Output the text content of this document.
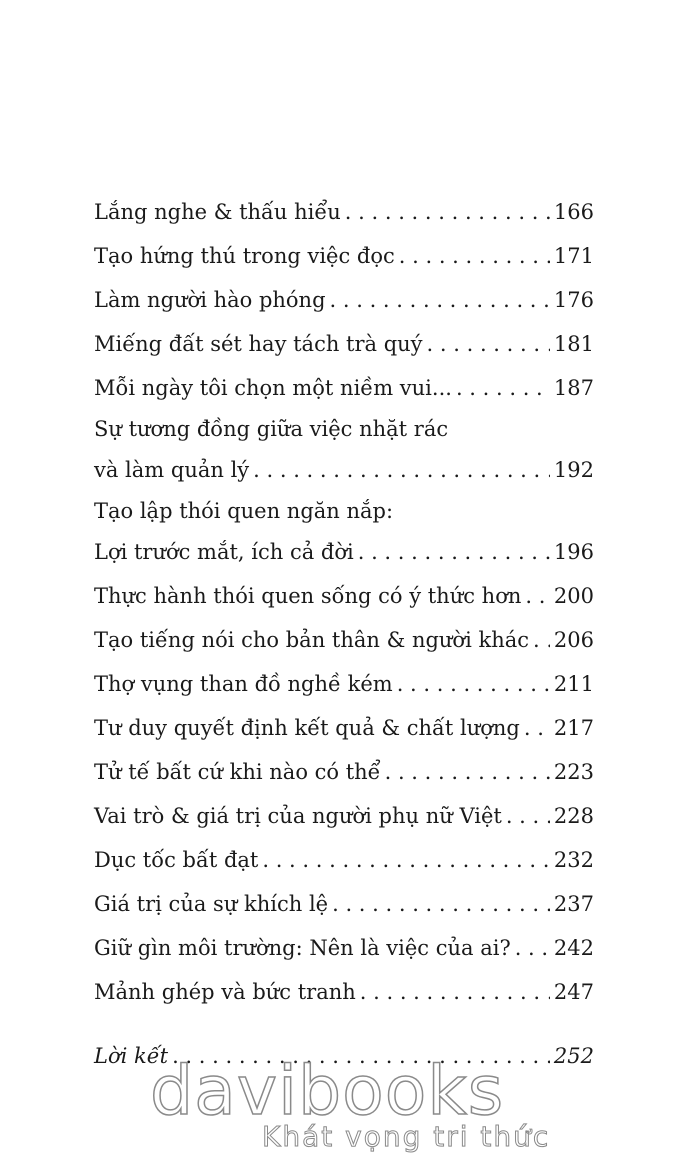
Lắng nghe & thấu hiểu . . .	166
Tạo hứng thú trong việc đọc . . .	171
Làm người hào phóng . . .	176
Miếng đất sét hay tách trà quý . . .	181
Mỗi ngày tôi chọn một niềm vui... . . .	187
Sự tương đồng giữa việc nhặt rác
và làm quản lý . . .	192
Tạo lập thói quen ngăn nắp:
Lợi trước mắt, ích cả đời . . .	196
Thực hành thói quen sống có ý thức hơn . . . 200
Tạo tiếng nói cho bản thân & người khác . . . 206
Thợ vụng than đồ nghề kém . . .	211
Tư duy quyết định kết quả & chất lượng . . . 217
Tử tế bất cứ khi nào có thể . . .	223
Vai trò & giá trị của người phụ nữ Việt . . . 228
Dục tốc bất đạt . . .	232
Giá trị của sự khích lệ . . .	237
Giữ gìn môi trường: Nên là việc của ai? . . . 242
Mảnh ghép và bức tranh . . .	247
Lời kết . . .	252
davibooks
Khát vọng tri thức
